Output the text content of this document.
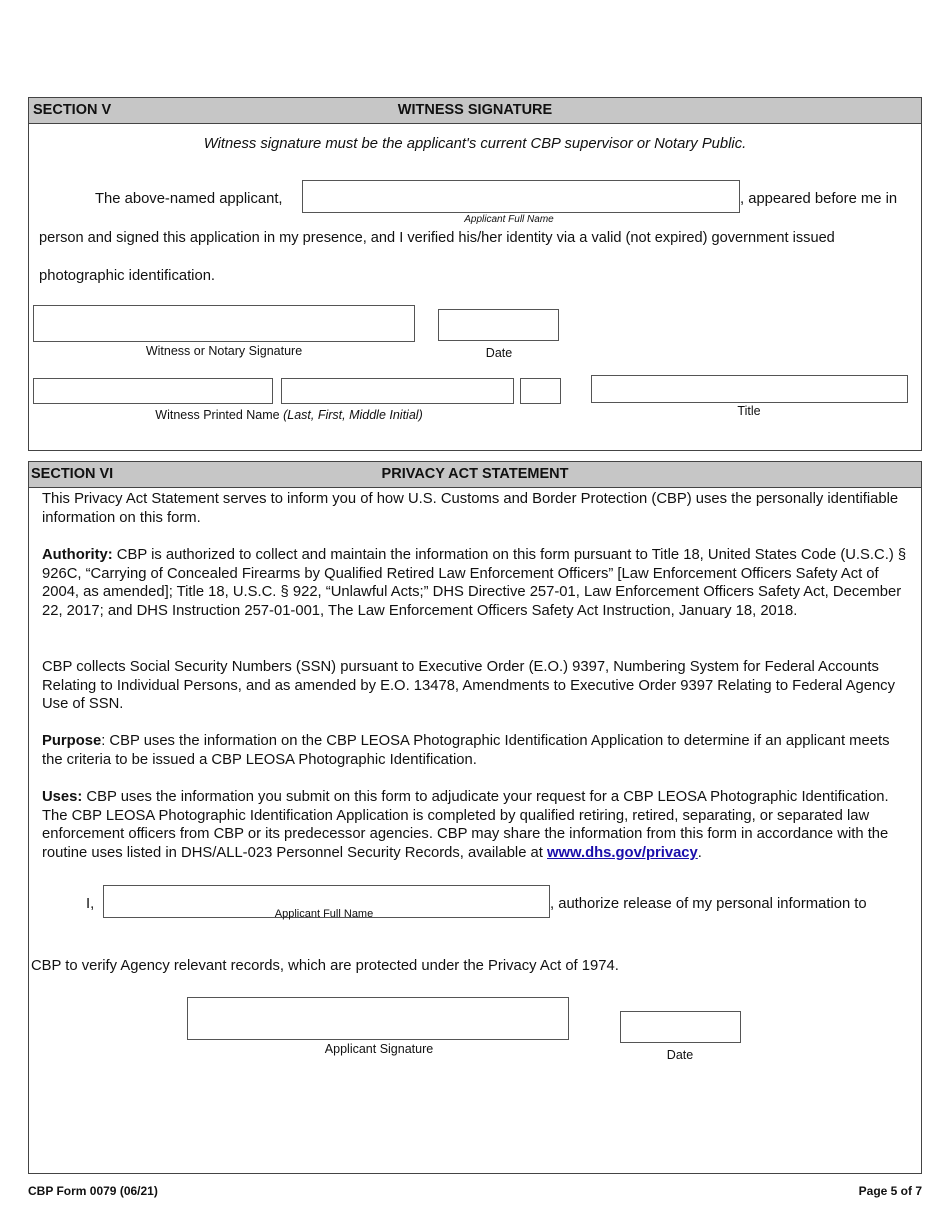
SECTION V	WITNESS SIGNATURE
Witness signature must be the applicant's current CBP supervisor or Notary Public.
The above-named applicant,	, appeared before me in
Applicant Full Name
person and signed this application in my presence, and I verified his/her identity via a valid (not expired) government issued
photographic identification.
Witness or Notary Signature	Date
Witness Printed Name (Last, First, Middle Initial)	Title
SECTION VI	PRIVACY ACT STATEMENT
This Privacy Act Statement serves to inform you of how U.S. Customs and Border Protection (CBP) uses the personally identifiable information on this form.
Authority: CBP is authorized to collect and maintain the information on this form pursuant to Title 18, United States Code (U.S.C.) § 926C, “Carrying of Concealed Firearms by Qualified Retired Law Enforcement Officers” [Law Enforcement Officers Safety Act of 2004, as amended]; Title 18, U.S.C. § 922, “Unlawful Acts;” DHS Directive 257-01, Law Enforcement Officers Safety Act, December 22, 2017; and DHS Instruction 257-01-001, The Law Enforcement Officers Safety Act Instruction, January 18, 2018.
CBP collects Social Security Numbers (SSN) pursuant to Executive Order (E.O.) 9397, Numbering System for Federal Accounts Relating to Individual Persons, and as amended by E.O. 13478, Amendments to Executive Order 9397 Relating to Federal Agency Use of SSN.
Purpose: CBP uses the information on the CBP LEOSA Photographic Identification Application to determine if an applicant meets the criteria to be issued a CBP LEOSA Photographic Identification.
Uses: CBP uses the information you submit on this form to adjudicate your request for a CBP LEOSA Photographic Identification. The CBP LEOSA Photographic Identification Application is completed by qualified retiring, retired, separating, or separated law enforcement officers from CBP or its predecessor agencies. CBP may share the information from this form in accordance with the routine uses listed in DHS/ALL-023 Personnel Security Records, available at www.dhs.gov/privacy.
I,
Applicant Full Name
, authorize release of my personal information to
CBP to verify Agency relevant records, which are protected under the Privacy Act of 1974.
Applicant Signature	Date
CBP Form 0079 (06/21)	Page 5 of 7
